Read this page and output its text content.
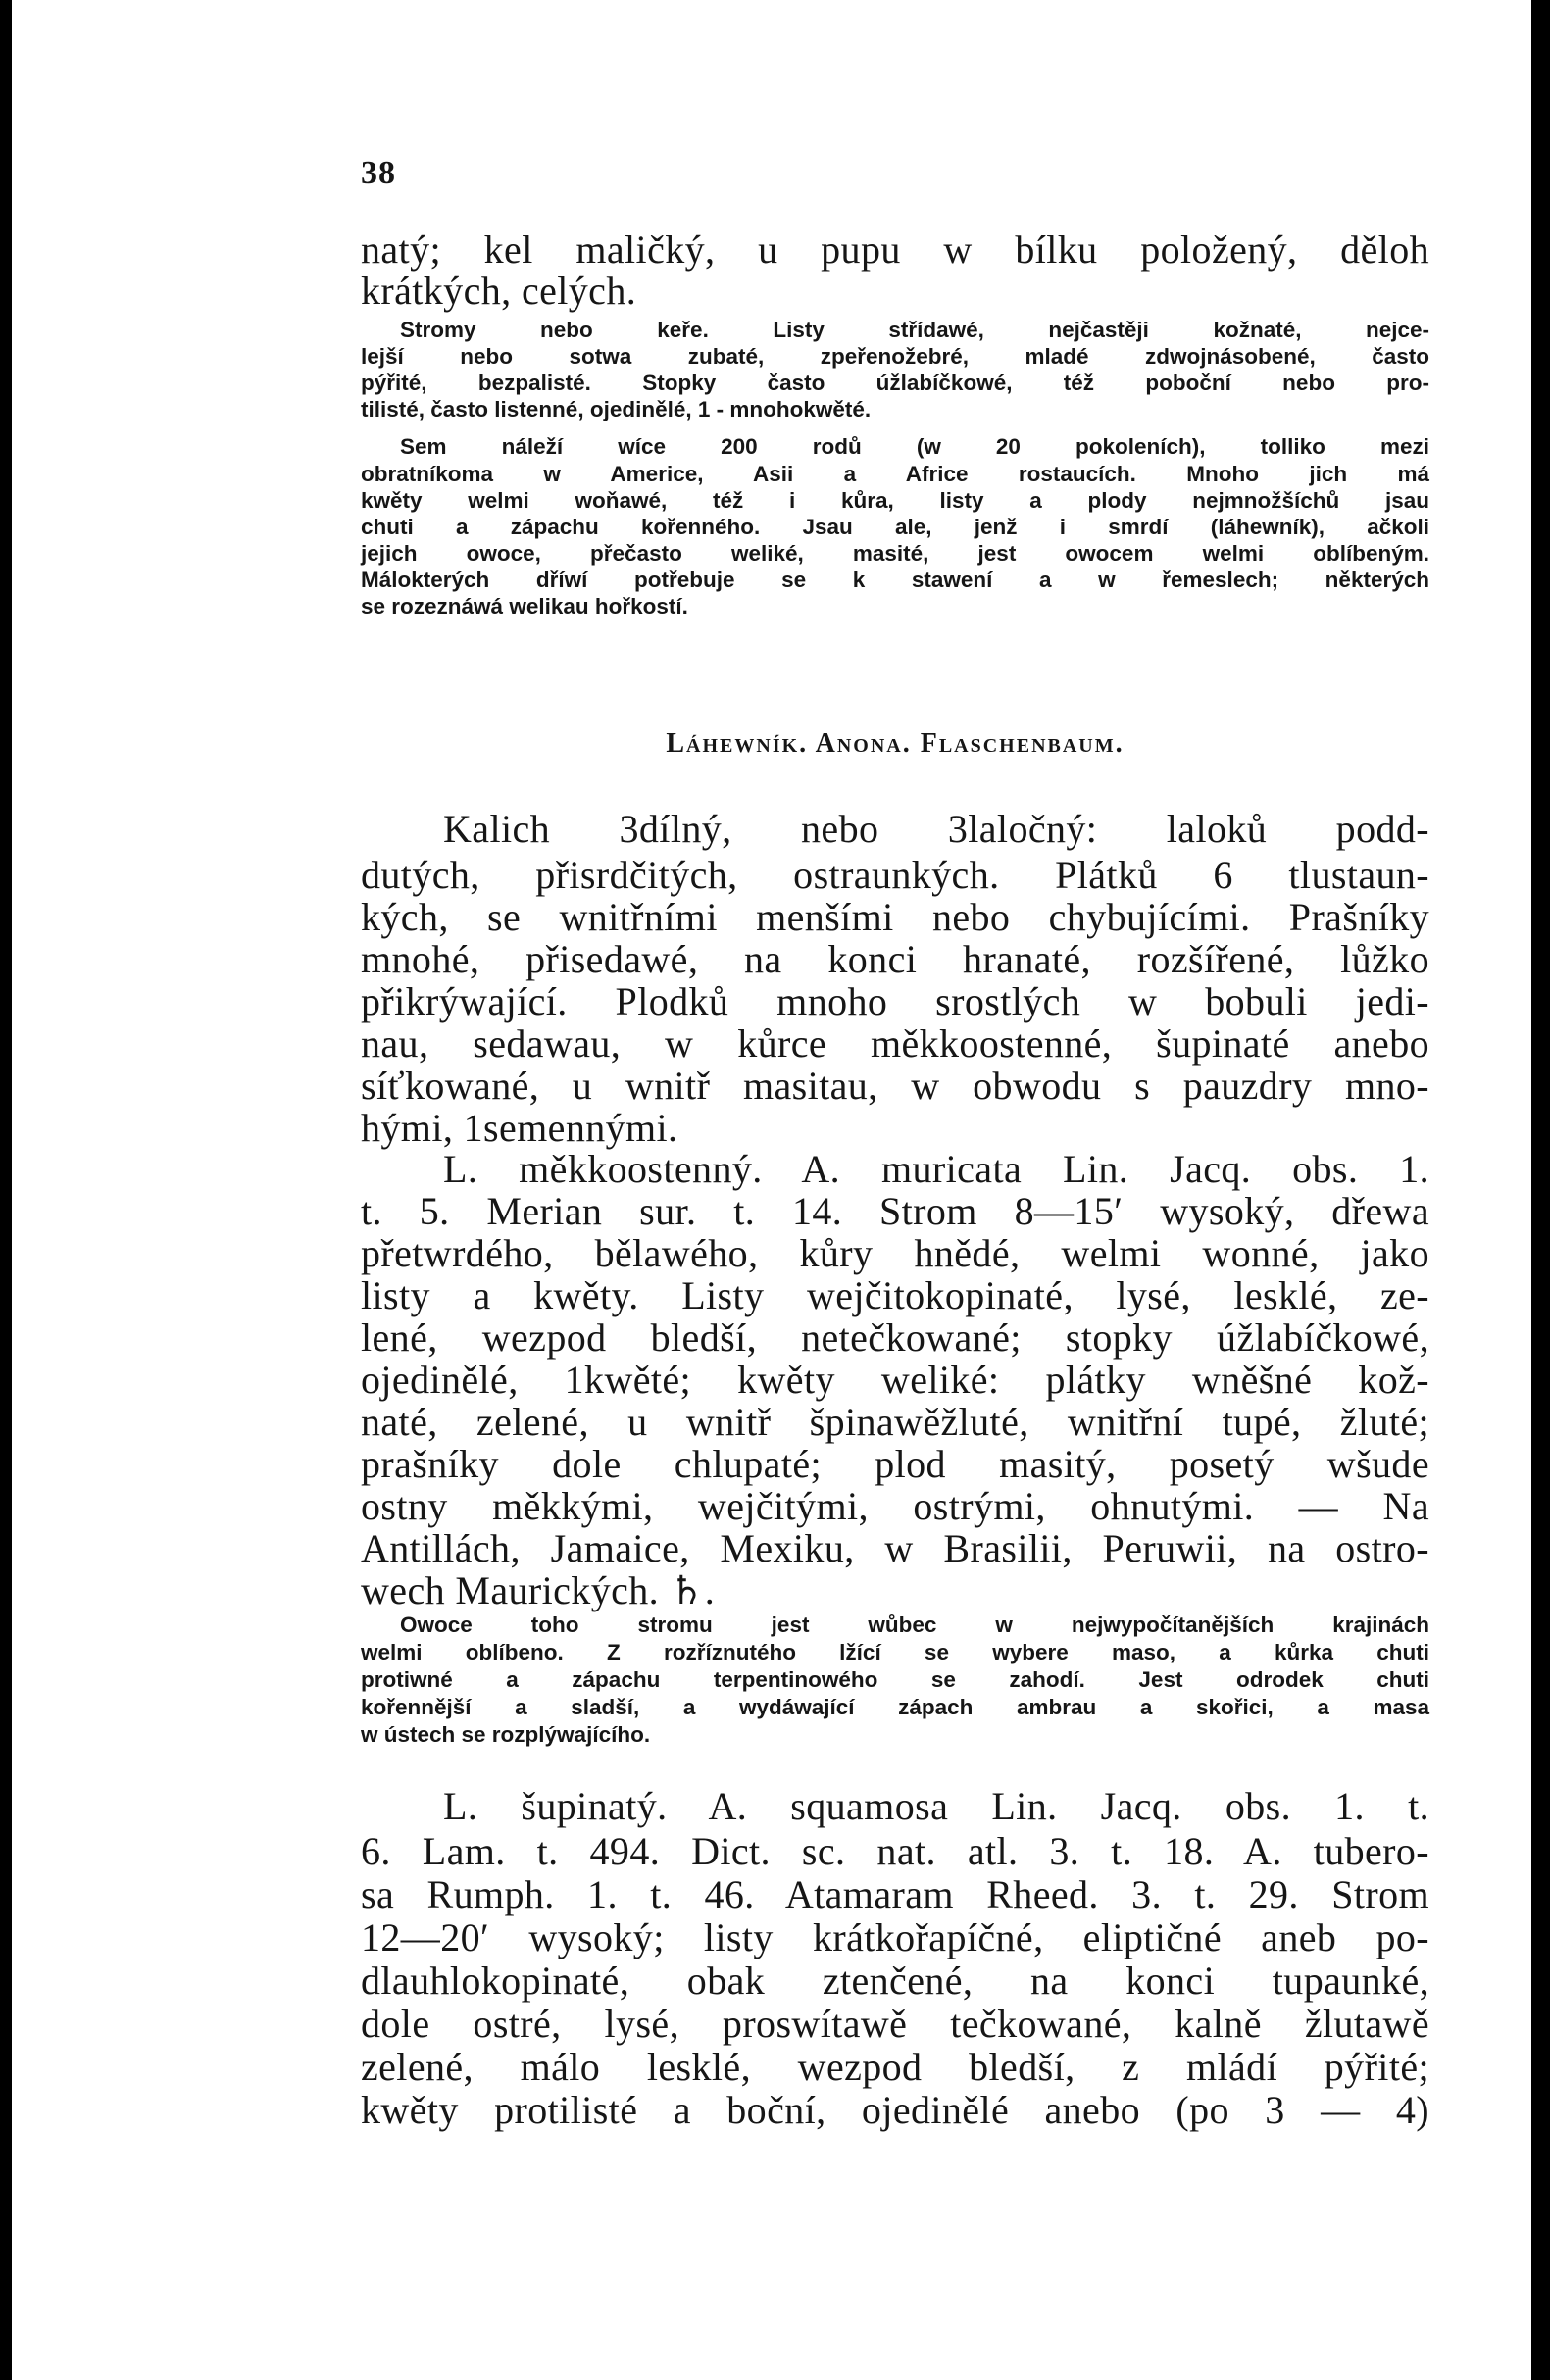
38
natý; kel maličký, u pupu w bílku položený, děloh
krátkých, celých.
Stromy nebo keře. Listy střídawé, nejčastěji kožnaté, nejce-
lejší nebo sotwa zubaté, zpeřenožebré, mladé zdwojnásobené, často
pýřité, bezpalisté. Stopky často úžlabíčkowé, též poboční nebo pro-
tilisté, často listenné, ojedinělé, 1 - mnohokwěté.
Sem náleží wíce 200 rodů (w 20 pokoleních), tolliko mezi
obratníkoma w Americe, Asii a Africe rostaucích. Mnoho jich má
kwěty welmi woňawé, též i kůra, listy a plody nejmnožšíchů jsau
chuti a zápachu kořenného. Jsau ale, jenž i smrdí (láhewník), ačkoli
jejich owoce, přečasto weliké, masité, jest owocem welmi oblíbeným.
Málokterých dříwí potřebuje se k stawení a w řemeslech; některých
se rozeznáwá welikau hořkostí.
Láhewník. Anona. Flaschenbaum.
Kalich 3dílný, nebo 3laločný: laloků podd-
dutých, přisrdčitých, ostraunkých. Plátků 6 tlustaun-
kých, se wnitřními menšími nebo chybujícími. Prašníky
mnohé, přisedawé, na konci hranaté, rozšířené, lůžko
přikrýwající. Plodků mnoho srostlých w bobuli jedi-
nau, sedawau, w kůrce měkkoostenné, šupinaté anebo
síťkowané, u wnitř masitau, w obwodu s pauzdry mno-
hými, 1semennými.
L. měkkoostenný. A. muricata Lin. Jacq. obs. 1.
t. 5. Merian sur. t. 14. Strom 8—15′ wysoký, dřewa
přetwrdého, bělawého, kůry hnědé, welmi wonné, jako
listy a kwěty. Listy wejčitokopinaté, lysé, lesklé, ze-
lené, wezpod bledší, netečkowané; stopky úžlabíčkowé,
ojedinělé, 1kwěté; kwěty weliké: plátky wněšné kož-
naté, zelené, u wnitř špinawěžluté, wnitřní tupé, žluté;
prašníky dole chlupaté; plod masitý, posetý wšude
ostny měkkými, wejčitými, ostrými, ohnutými. — Na
Antillách, Jamaice, Mexiku, w Brasilii, Peruwii, na ostro-
wech Maurických. ♄.
Owoce toho stromu jest wůbec w nejwypočítanějších krajinách
welmi oblíbeno. Z rozříznutého lžící se wybere maso, a kůrka chuti
protiwné a zápachu terpentinowého se zahodí. Jest odrodek chuti
kořennější a sladší, a wydáwající zápach ambrau a skořici, a masa
w ústech se rozplýwajícího.
L. šupinatý. A. squamosa Lin. Jacq. obs. 1. t.
6. Lam. t. 494. Dict. sc. nat. atl. 3. t. 18. A. tubero-
sa Rumph. 1. t. 46. Atamaram Rheed. 3. t. 29. Strom
12—20′ wysoký; listy krátkořapíčné, eliptičné aneb po-
dlauhlokopinaté, obak ztenčené, na konci tupaunké,
dole ostré, lysé, proswítawě tečkowané, kalně žlutawě
zelené, málo lesklé, wezpod bledší, z mládí pýřité;
kwěty protilisté a boční, ojedinělé anebo (po 3 — 4)
